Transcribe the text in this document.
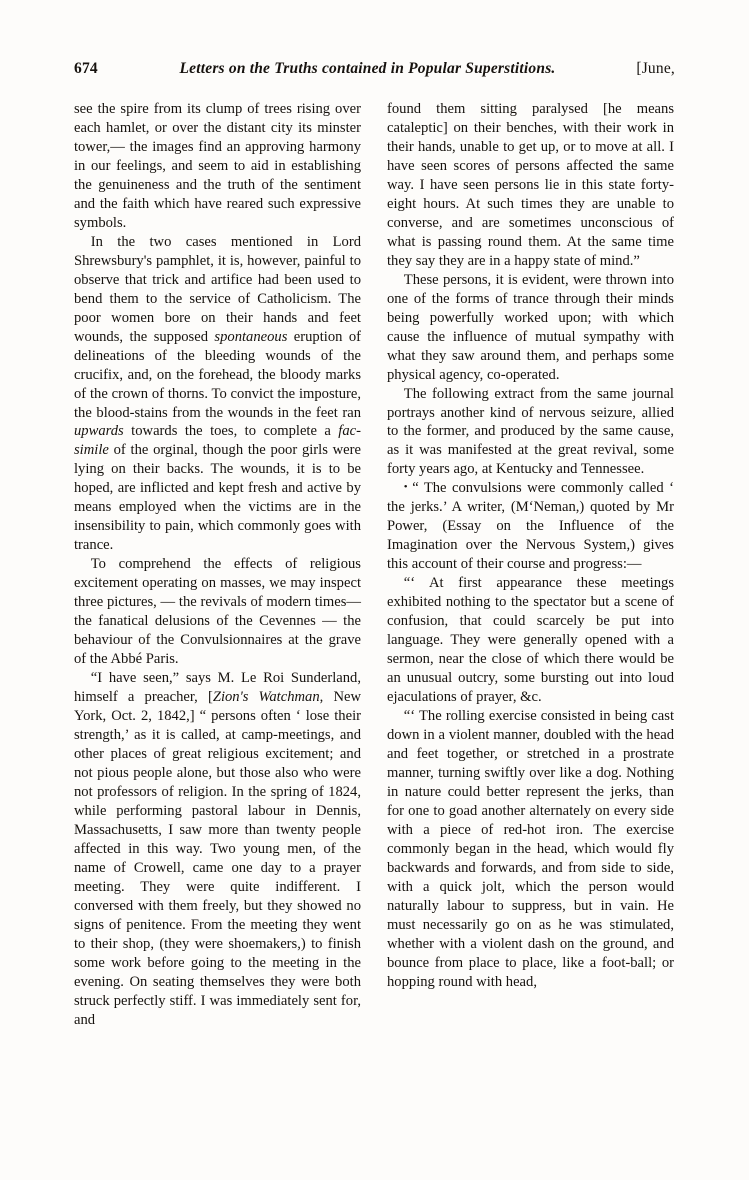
674	Letters on the Truths contained in Popular Superstitions.	[June,

see the spire from its clump of trees rising over each hamlet, or over the distant city its minster tower,— the images find an approving harmony in our feelings, and seem to aid in establishing the genuineness and the truth of the sentiment and the faith which have reared such expressive symbols.

In the two cases mentioned in Lord Shrewsbury's pamphlet, it is, however, painful to observe that trick and artifice had been used to bend them to the service of Catholicism. The poor women bore on their hands and feet wounds, the supposed spontaneous eruption of delineations of the bleeding wounds of the crucifix, and, on the forehead, the bloody marks of the crown of thorns. To convict the imposture, the blood-stains from the wounds in the feet ran upwards towards the toes, to complete a fac-simile of the orginal, though the poor girls were lying on their backs. The wounds, it is to be hoped, are inflicted and kept fresh and active by means employed when the victims are in the insensibility to pain, which commonly goes with trance.

To comprehend the effects of religious excitement operating on masses, we may inspect three pictures, — the revivals of modern times—the fanatical delusions of the Cevennes — the behaviour of the Convulsionnaires at the grave of the Abbé Paris.

“I have seen,” says M. Le Roi Sunderland, himself a preacher, [Zion's Watchman, New York, Oct. 2, 1842,] “ persons often ‘ lose their strength,’ as it is called, at camp-meetings, and other places of great religious excitement; and not pious people alone, but those also who were not professors of religion. In the spring of 1824, while performing pastoral labour in Dennis, Massachusetts, I saw more than twenty people affected in this way. Two young men, of the name of Crowell, came one day to a prayer meeting. They were quite indifferent. I conversed with them freely, but they showed no signs of penitence. From the meeting they went to their shop, (they were shoemakers,) to finish some work before going to the meeting in the evening. On seating themselves they were both struck perfectly stiff. I was immediately sent for, and

found them sitting paralysed [he means cataleptic] on their benches, with their work in their hands, unable to get up, or to move at all. I have seen scores of persons affected the same way. I have seen persons lie in this state forty-eight hours. At such times they are unable to converse, and are sometimes unconscious of what is passing round them. At the same time they say they are in a happy state of mind.”

These persons, it is evident, were thrown into one of the forms of trance through their minds being powerfully worked upon; with which cause the influence of mutual sympathy with what they saw around them, and perhaps some physical agency, co-operated.

The following extract from the same journal portrays another kind of nervous seizure, allied to the former, and produced by the same cause, as it was manifested at the great revival, some forty years ago, at Kentucky and Tennessee.

• “ The convulsions were commonly called ‘ the jerks.’ A writer, (M‘Neman,) quoted by Mr Power, (Essay on the Influence of the Imagination over the Nervous System,) gives this account of their course and progress:—

“‘ At first appearance these meetings exhibited nothing to the spectator but a scene of confusion, that could scarcely be put into language. They were generally opened with a sermon, near the close of which there would be an unusual outcry, some bursting out into loud ejaculations of prayer, &c.

“‘ The rolling exercise consisted in being cast down in a violent manner, doubled with the head and feet together, or stretched in a prostrate manner, turning swiftly over like a dog. Nothing in nature could better represent the jerks, than for one to goad another alternately on every side with a piece of red-hot iron. The exercise commonly began in the head, which would fly backwards and forwards, and from side to side, with a quick jolt, which the person would naturally labour to suppress, but in vain. He must necessarily go on as he was stimulated, whether with a violent dash on the ground, and bounce from place to place, like a foot-ball; or hopping round with head,
